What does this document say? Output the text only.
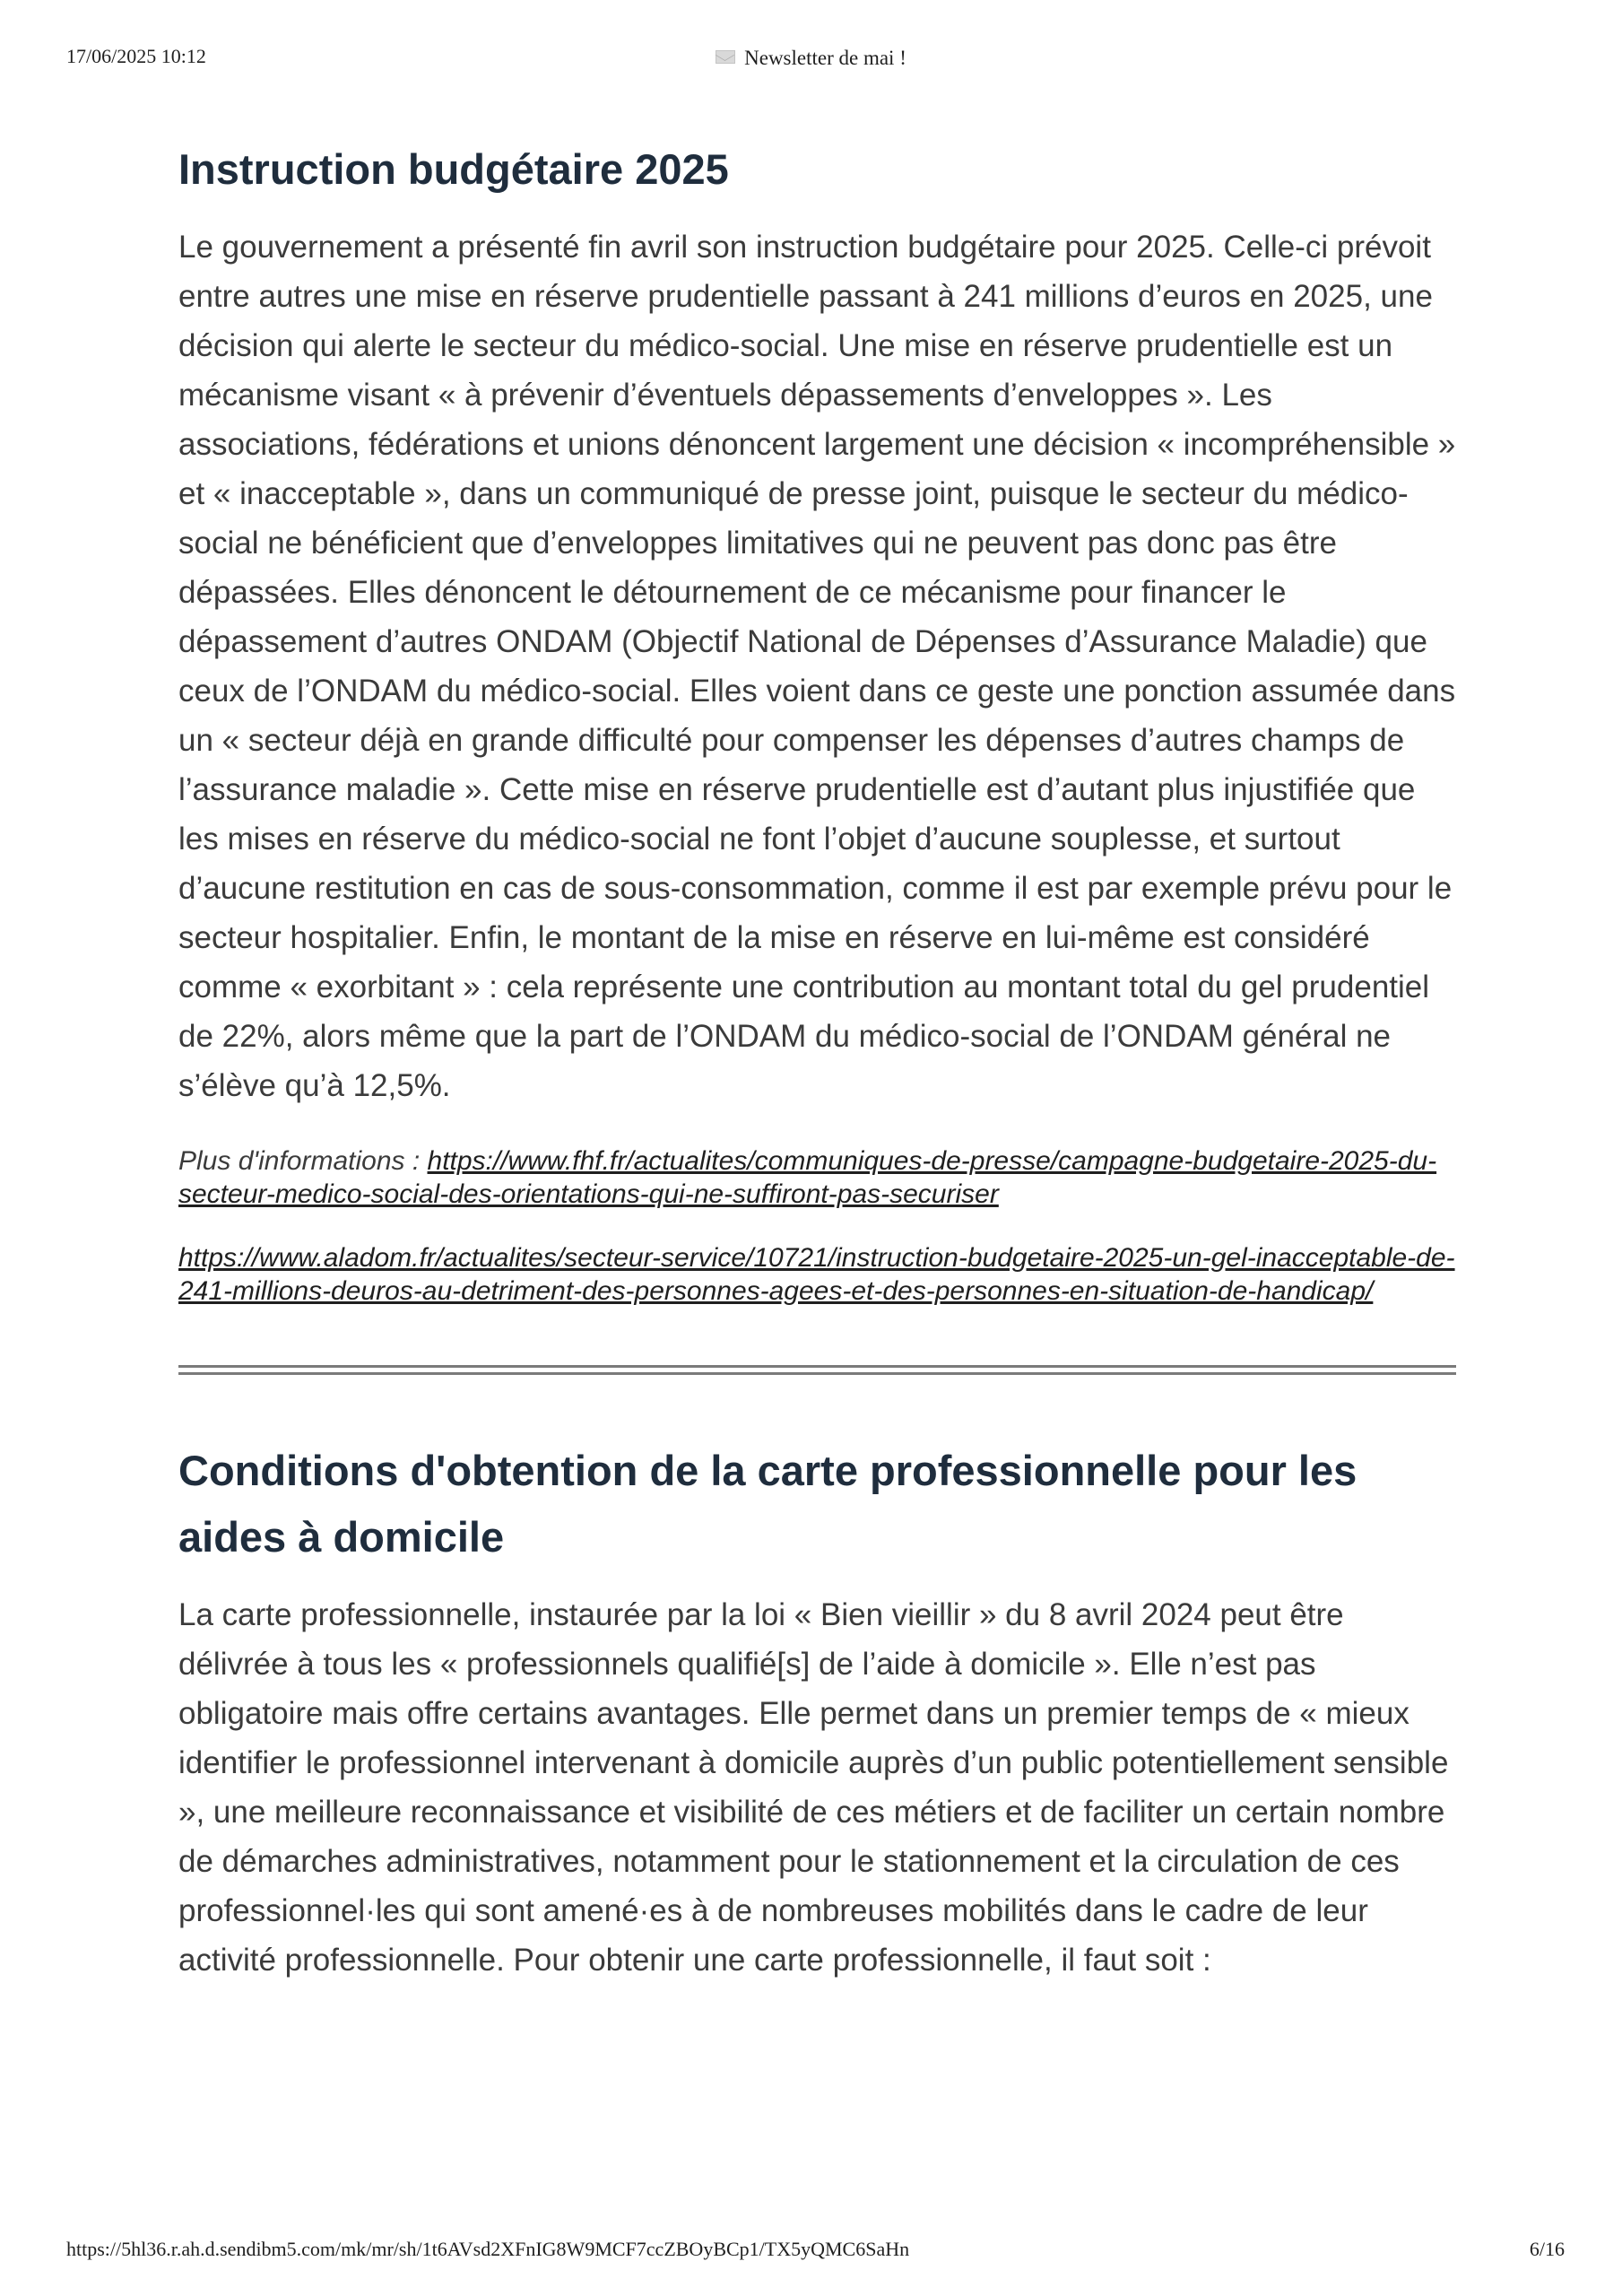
17/06/2025 10:12	Newsletter de mai !
Instruction budgétaire 2025

Le gouvernement a présenté fin avril son instruction budgétaire pour 2025. Celle-ci prévoit entre autres une mise en réserve prudentielle passant à 241 millions d’euros en 2025, une décision qui alerte le secteur du médico-social. Une mise en réserve prudentielle est un mécanisme visant « à prévenir d’éventuels dépassements d’enveloppes ». Les associations, fédérations et unions dénoncent largement une décision « incompréhensible » et « inacceptable », dans un communiqué de presse joint, puisque le secteur du médico-social ne bénéficient que d’enveloppes limitatives qui ne peuvent pas donc pas être dépassées. Elles dénoncent le détournement de ce mécanisme pour financer le dépassement d’autres ONDAM (Objectif National de Dépenses d’Assurance Maladie) que ceux de l’ONDAM du médico-social. Elles voient dans ce geste une ponction assumée dans un « secteur déjà en grande difficulté pour compenser les dépenses d’autres champs de l’assurance maladie ». Cette mise en réserve prudentielle est d’autant plus injustifiée que les mises en réserve du médico-social ne font l’objet d’aucune souplesse, et surtout d’aucune restitution en cas de sous-consommation, comme il est par exemple prévu pour le secteur hospitalier. Enfin, le montant de la mise en réserve en lui-même est considéré comme « exorbitant » : cela représente une contribution au montant total du gel prudentiel de 22%, alors même que la part de l’ONDAM du médico-social de l’ONDAM général ne s’élève qu’à 12,5%.

Plus d'informations : https://www.fhf.fr/actualites/communiques-de-presse/campagne-budgetaire-2025-du-secteur-medico-social-des-orientations-qui-ne-suffiront-pas-securiser

https://www.aladom.fr/actualites/secteur-service/10721/instruction-budgetaire-2025-un-gel-inacceptable-de-241-millions-deuros-au-detriment-des-personnes-agees-et-des-personnes-en-situation-de-handicap/

Conditions d'obtention de la carte professionnelle pour les aides à domicile

La carte professionnelle, instaurée par la loi « Bien vieillir » du 8 avril 2024 peut être délivrée à tous les « professionnels qualifié[s] de l’aide à domicile ». Elle n’est pas obligatoire mais offre certains avantages. Elle permet dans un premier temps de « mieux identifier le professionnel intervenant à domicile auprès d’un public potentiellement sensible », une meilleure reconnaissance et visibilité de ces métiers et de faciliter un certain nombre de démarches administratives, notamment pour le stationnement et la circulation de ces professionnel·les qui sont amené·es à de nombreuses mobilités dans le cadre de leur activité professionnelle. Pour obtenir une carte professionnelle, il faut soit :

https://5hl36.r.ah.d.sendibm5.com/mk/mr/sh/1t6AVsd2XFnIG8W9MCF7ccZBOyBCp1/TX5yQMC6SaHn	6/16
